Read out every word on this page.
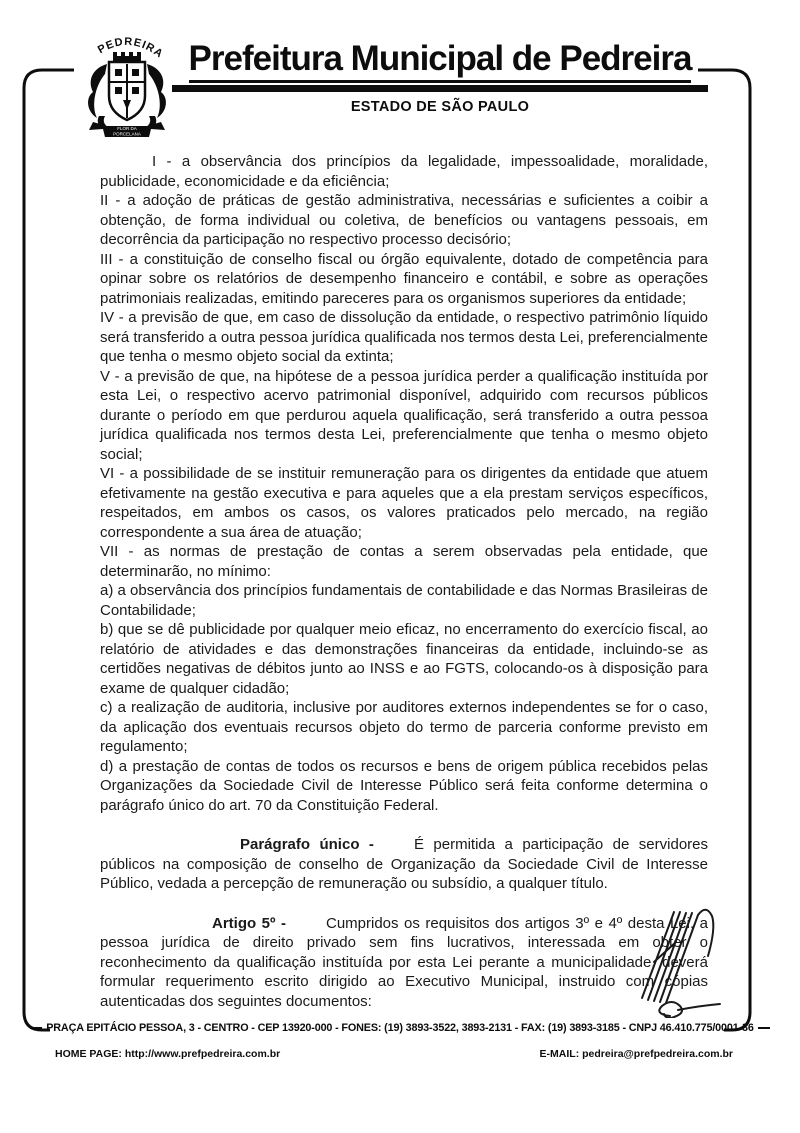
PEDREIRA
FLOR DA
PORCELANA
Prefeitura Municipal de Pedreira
ESTADO DE SÃO PAULO

I - a observância dos princípios da legalidade, impessoalidade, moralidade, publicidade, economicidade e da eficiência;

II - a adoção de práticas de gestão administrativa, necessárias e suficientes a coibir a obtenção, de forma individual ou coletiva, de benefícios ou vantagens pessoais, em decorrência da participação no respectivo processo decisório;

III - a constituição de conselho fiscal ou órgão equivalente, dotado de competência para opinar sobre os relatórios de desempenho financeiro e contábil, e sobre as operações patrimoniais realizadas, emitindo pareceres para os organismos superiores da entidade;

IV - a previsão de que, em caso de dissolução da entidade, o respectivo patrimônio líquido será transferido a outra pessoa jurídica qualificada nos termos desta Lei, preferencialmente que tenha o mesmo objeto social da extinta;

V - a previsão de que, na hipótese de a pessoa jurídica perder a qualificação instituída por esta Lei, o respectivo acervo patrimonial disponível, adquirido com recursos públicos durante o período em que perdurou aquela qualificação, será transferido a outra pessoa jurídica qualificada nos termos desta Lei, preferencialmente que tenha o mesmo objeto social;

VI - a possibilidade de se instituir remuneração para os dirigentes da entidade que atuem efetivamente na gestão executiva e para aqueles que a ela prestam serviços específicos, respeitados, em ambos os casos, os valores praticados pelo mercado, na região correspondente a sua área de atuação;

VII - as normas de prestação de contas a serem observadas pela entidade, que determinarão, no mínimo:

a) a observância dos princípios fundamentais de contabilidade e das Normas Brasileiras de Contabilidade;

b) que se dê publicidade por qualquer meio eficaz, no encerramento do exercício fiscal, ao relatório de atividades e das demonstrações financeiras da entidade, incluindo-se as certidões negativas de débitos junto ao INSS e ao FGTS, colocando-os à disposição para exame de qualquer cidadão;

c) a realização de auditoria, inclusive por auditores externos independentes se for o caso, da aplicação dos eventuais recursos objeto do termo de parceria conforme previsto em regulamento;

d) a prestação de contas de todos os recursos e bens de origem pública recebidos pelas Organizações da Sociedade Civil de Interesse Público será feita conforme determina o parágrafo único do art. 70 da Constituição Federal.

Parágrafo único -	É permitida a participação de servidores públicos na composição de conselho de Organização da Sociedade Civil de Interesse Público, vedada a percepção de remuneração ou subsídio, a qualquer título.

Artigo 5º -	Cumpridos os requisitos dos artigos 3º e 4º desta Lei, a pessoa jurídica de direito privado sem fins lucrativos, interessada em obter o reconhecimento da qualificação instituída por esta Lei perante a municipalidade, deverá formular requerimento escrito dirigido ao Executivo Municipal, instruido com cópias autenticadas dos seguintes documentos:

PRAÇA EPITÁCIO PESSOA, 3 - CENTRO - CEP 13920-000 - FONES: (19) 3893-3522, 3893-2131 - FAX: (19) 3893-3185 - CNPJ 46.410.775/0001-36
HOME PAGE: http://www.prefpedreira.com.br	E-MAIL: pedreira@prefpedreira.com.br
